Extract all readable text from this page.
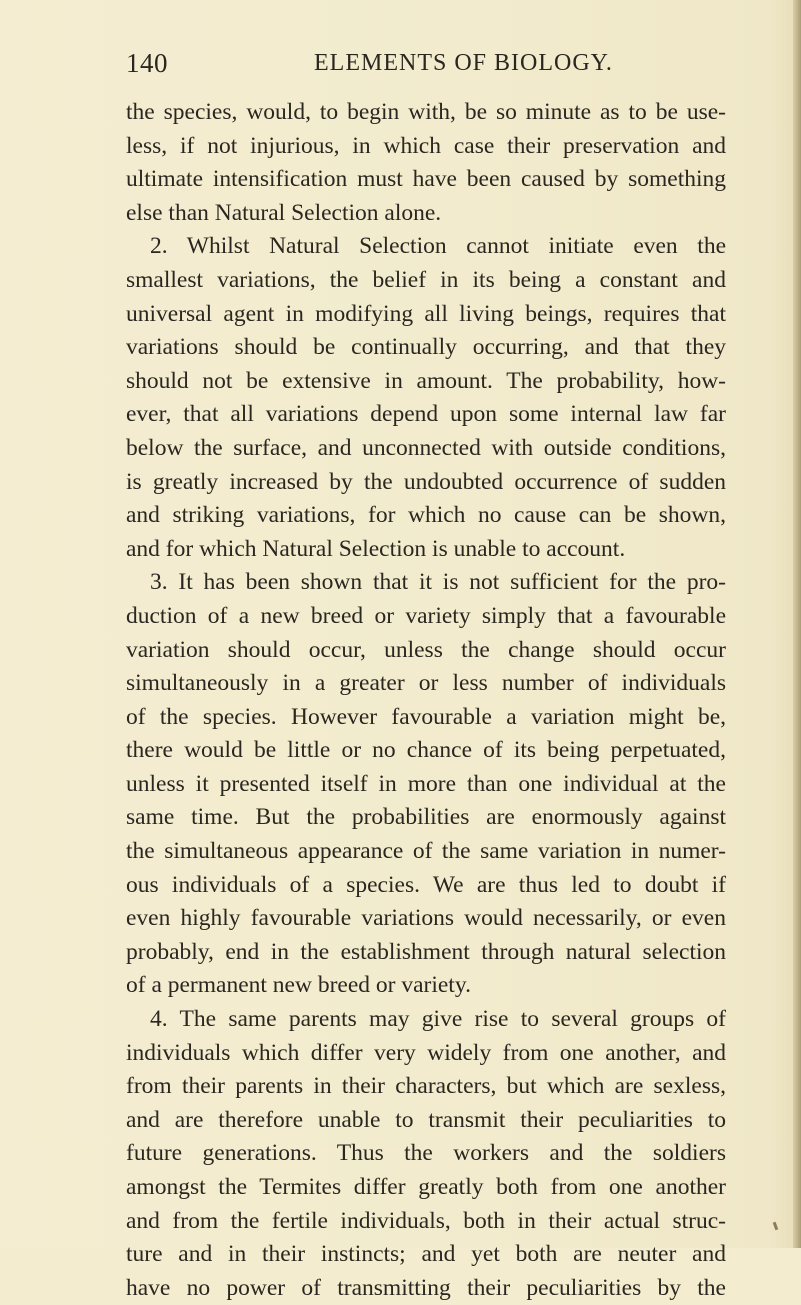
140	ELEMENTS OF BIOLOGY.
the species, would, to begin with, be so minute as to be use-
less, if not injurious, in which case their preservation and
ultimate intensification must have been caused by something
else than Natural Selection alone.
2. Whilst Natural Selection cannot initiate even the
smallest variations, the belief in its being a constant and
universal agent in modifying all living beings, requires that
variations should be continually occurring, and that they
should not be extensive in amount. The probability, how-
ever, that all variations depend upon some internal law far
below the surface, and unconnected with outside conditions,
is greatly increased by the undoubted occurrence of sudden
and striking variations, for which no cause can be shown,
and for which Natural Selection is unable to account.
3. It has been shown that it is not sufficient for the pro-
duction of a new breed or variety simply that a favourable
variation should occur, unless the change should occur
simultaneously in a greater or less number of individuals
of the species. However favourable a variation might be,
there would be little or no chance of its being perpetuated,
unless it presented itself in more than one individual at the
same time. But the probabilities are enormously against
the simultaneous appearance of the same variation in numer-
ous individuals of a species. We are thus led to doubt if
even highly favourable variations would necessarily, or even
probably, end in the establishment through natural selection
of a permanent new breed or variety.
4. The same parents may give rise to several groups of
individuals which differ very widely from one another, and
from their parents in their characters, but which are sexless,
and are therefore unable to transmit their peculiarities to
future generations. Thus the workers and the soldiers
amongst the Termites differ greatly both from one another
and from the fertile individuals, both in their actual struc-
ture and in their instincts; and yet both are neuter and
have no power of transmitting their peculiarities by the
